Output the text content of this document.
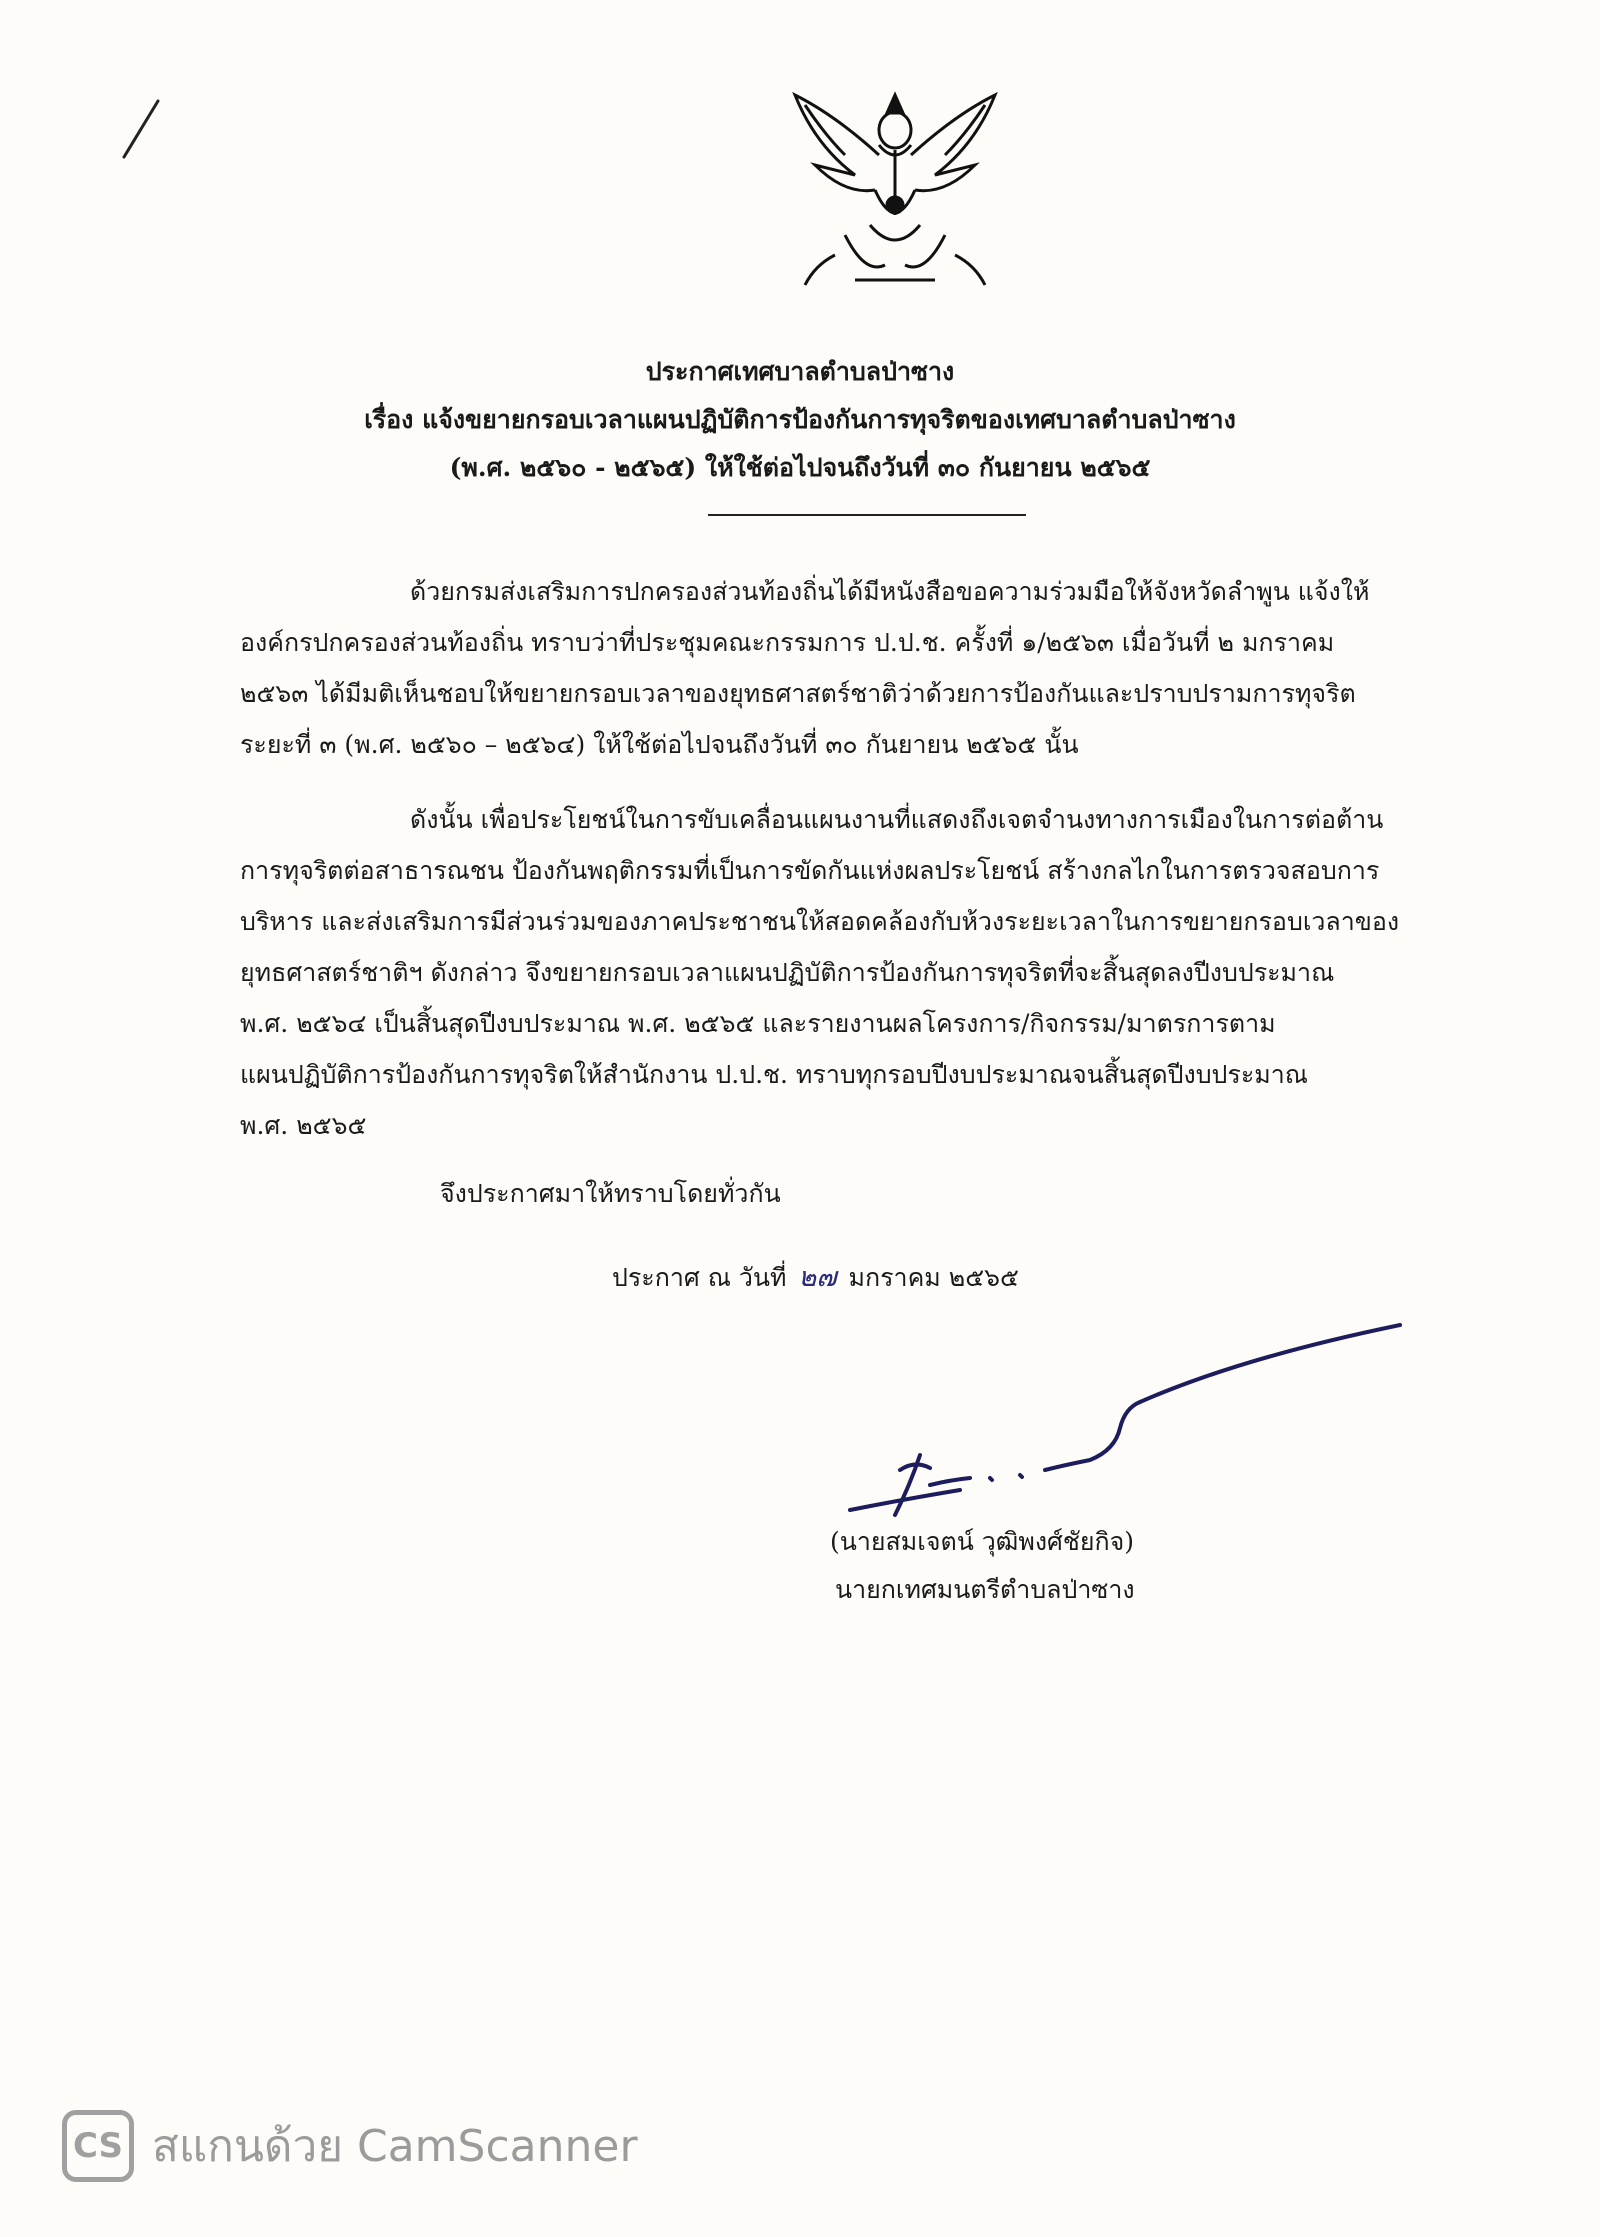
ประกาศเทศบาลตำบลป่าซาง
เรื่อง แจ้งขยายกรอบเวลาแผนปฏิบัติการป้องกันการทุจริตของเทศบาลตำบลป่าซาง
(พ.ศ. ๒๕๖๐ - ๒๕๖๕) ให้ใช้ต่อไปจนถึงวันที่ ๓๐ กันยายน ๒๕๖๕
ด้วยกรมส่งเสริมการปกครองส่วนท้องถิ่นได้มีหนังสือขอความร่วมมือให้จังหวัดลำพูน แจ้งให้
องค์กรปกครองส่วนท้องถิ่น ทราบว่าที่ประชุมคณะกรรมการ ป.ป.ช. ครั้งที่ ๑/๒๕๖๓ เมื่อวันที่ ๒ มกราคม
๒๕๖๓ ได้มีมติเห็นชอบให้ขยายกรอบเวลาของยุทธศาสตร์ชาติว่าด้วยการป้องกันและปราบปรามการทุจริต
ระยะที่ ๓ (พ.ศ. ๒๕๖๐ – ๒๕๖๔) ให้ใช้ต่อไปจนถึงวันที่ ๓๐ กันยายน ๒๕๖๕ นั้น
ดังนั้น เพื่อประโยชน์ในการขับเคลื่อนแผนงานที่แสดงถึงเจตจำนงทางการเมืองในการต่อต้าน
การทุจริตต่อสาธารณชน ป้องกันพฤติกรรมที่เป็นการขัดกันแห่งผลประโยชน์ สร้างกลไกในการตรวจสอบการ
บริหาร และส่งเสริมการมีส่วนร่วมของภาคประชาชนให้สอดคล้องกับห้วงระยะเวลาในการขยายกรอบเวลาของ
ยุทธศาสตร์ชาติฯ ดังกล่าว จึงขยายกรอบเวลาแผนปฏิบัติการป้องกันการทุจริตที่จะสิ้นสุดลงปีงบประมาณ
พ.ศ. ๒๕๖๔ เป็นสิ้นสุดปีงบประมาณ พ.ศ. ๒๕๖๕ และรายงานผลโครงการ/กิจกรรม/มาตรการตาม
แผนปฏิบัติการป้องกันการทุจริตให้สำนักงาน ป.ป.ช. ทราบทุกรอบปีงบประมาณจนสิ้นสุดปีงบประมาณ
พ.ศ. ๒๕๖๕
จึงประกาศมาให้ทราบโดยทั่วกัน
ประกาศ ณ วันที่ ๒๗ มกราคม ๒๕๖๕
(นายสมเจตน์ วุฒิพงศ์ชัยกิจ)
นายกเทศมนตรีตำบลป่าซาง
CS สแกนด้วย CamScanner
